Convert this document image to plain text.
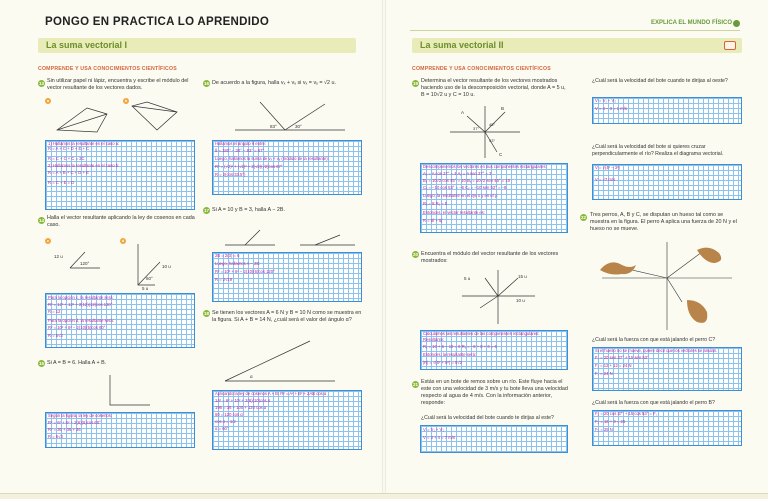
PONGO EN PRACTICA LO APRENDIDO
La suma vectorial I
COMPRENDE Y USA CONOCIMIENTOS CIENTÍFICOS
13 Sin utilizar papel ni lápiz, encuentra y escribe el módulo del vector resultante de los vectores dados.
a	b
1) Hallamos la resultante en el caso a:
R = A + C + D + E + C
R = C + C + C = 3C
2) Hallamos la resultante en el caso b:
R = A + B + C + D + E
R = C + E = D
14 Halla el vector resultante aplicando la ley de cosenos en cada caso.
c	d
12 u
120°
10 u
60°
5 u
Para la opción c, la resultante será:
R² = 12² + 12² + 2(12)(12)cos 120°
R = 12
Para la opción d, la resultante será:
R² = 10² + 5² − 2(10)(5)cos 60°
R = 5√3
15 Si A = B = 6. Halla A + B.
Según la figura, la ley de cosenos:
R² = 6² + 6² + 2(6)(6)cos 60°
R² = 36 + 36 + 36
R = 6√3
16 De acuerdo a la figura, halla vₓ + vᵧ si vₓ = vᵧ = √2 u.
83°	30°
Hallamos el ángulo θ entre:
θ = 180° − 30° − 83° = 67°
Luego, hallamos la suma de vₓ + vᵧ (módulo de la resultante):
R² = (√2)² + (√2)² + 2(√2)(√2)cos 67°
R = 2(cos 33.5°)
17 Si A = 10 y B = 3, halla A − 2B.
2B = 2(3) = 6
Luego, hallamos A − 2B:
R² = 10² + 6² − 2(10)(6)cos 120°
R = 2√19
18 Se tienen los vectores A = 6 N y B = 10 N como se muestra en la figura. Si A + B = 14 N, ¿cuál será el valor del ángulo α?
α
Aplicando la ley de cosenos A + B: R² = A² + B² + 2AB cos α
14² = 6² + 10² + 2(6)(10)cos α
196 = 36 + 100 + 120 cos α
60 = 120 cos α
cos α = 1/2
α = 60°
EXPLICA EL MUNDO FÍSICO
La suma vectorial II
COMPRENDE Y USA CONOCIMIENTOS CIENTÍFICOS
19 Determina el vector resultante de los vectores mostrados haciendo uso de la descomposición vectorial, donde A = 5 u, B = 10√2 u y C = 10 u.
B
A
C
45°
37°
53°
Descomponemos los vectores en sus componentes rectangulares:
Aₓ = A cos 37° = 4 Aᵧ = A sen 37° = 3
Bₓ = 10√2 cos 45° = 10 Bᵧ = 10√2 sen 45° = 10
Cₓ = −10 cos 53° = −6 Cᵧ = −10 sen 53° = −8
Luego, la resultante en el eje x y en el y:
Rₓ = 8 Rᵧ = 5
Entonces, el vector resultante es:
R = 8î + 5ĵ
20 Encuentra el módulo del vector resultante de los vectores mostrados:
5 u
10 u
15 u
Calculamos las resultantes de las componentes rectangulares:
Resultante:
Rₓ = 10 + 6 − 10 = 6 Rᵧ = −8 + 8 + 6 = 6
Entonces, la resultante será:
|R| = √(6² + 6²) = 6√2
21 Estás en un bote de remos sobre un río. Este fluye hacia el este con una velocidad de 3 m/s y tu bote lleva una velocidad respecto al agua de 4 m/s. Con la información anterior, responde:
¿Cuál será la velocidad del bote cuando te dirijas al este?
V = V₁ + V₂
V = 3 + 4 = 7 m/s
¿Cuál será la velocidad del bote cuando te dirijas al oeste?
V = V₁ − V₂
V = 4 − 3 = 1 m/s
¿Cuál será la velocidad del bote si quieres cruzar perpendicularmente el río? Realiza el diagrama vectorial.
V = √(4² − 3²)
V = √7 m/s
22 Tres perros, A, B y C, se disputan un hueso tal como se muestra en la figura. El perro A aplica una fuerza de 20 N y el hueso no se mueve.
¿Cuál será la fuerza con que está jalando el perro C?
Si el hueso no se mueve, quiere decir que los vectores se anulan.
F꜀ = 20 sen 37° + 15 sen 53°
F꜀ = 12 + 12 = 24 N
F꜀ = 24 N
¿Cuál será la fuerza con que está jalando el perro B?
F₂ = 20 cos 37° + 15 cos 53° = F꜀
F₂ = 16 + 9 = 25
F₂ = 25 N
